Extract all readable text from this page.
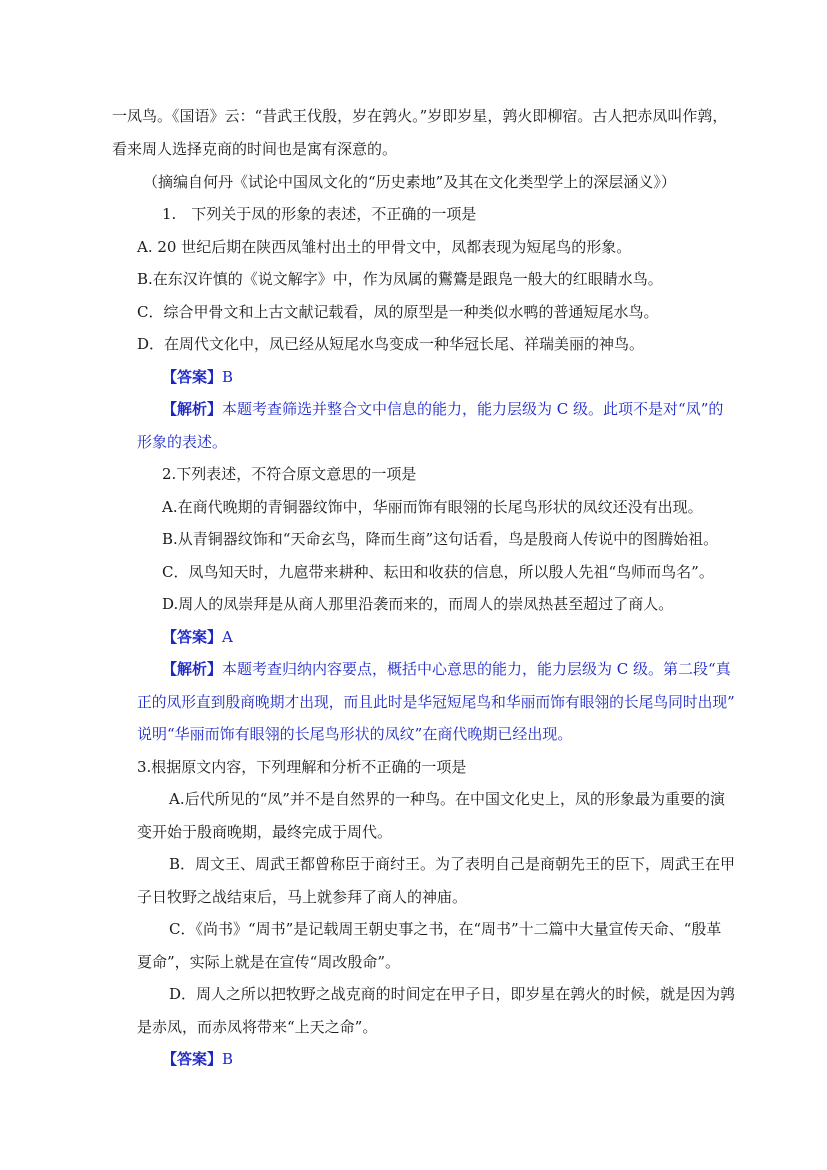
一凤鸟。《国语》云：“昔武王伐殷，岁在鹑火。”岁即岁星，鹑火即柳宿。古人把赤凤叫作鹑，
看来周人选择克商的时间也是寓有深意的。
（摘编自何丹《试论中国凤文化的“历史素地”及其在文化类型学上的深层涵义》）
1.　下列关于凤的形象的表述，不正确的一项是
A. 20 世纪后期在陕西凤雏村出土的甲骨文中，凤都表现为短尾鸟的形象。
B.在东汉许慎的《说文解字》中，作为凤属的鸑鷟是跟凫一般大的红眼睛水鸟。
C．综合甲骨文和上古文献记载看，凤的原型是一种类似水鸭的普通短尾水鸟。
D．在周代文化中，凤已经从短尾水鸟变成一种华冠长尾、祥瑞美丽的神鸟。
【答案】B
【解析】本题考查筛选并整合文中信息的能力，能力层级为 C 级。此项不是对“凤”的
形象的表述。
2.下列表述，不符合原文意思的一项是
A.在商代晚期的青铜器纹饰中，华丽而饰有眼翎的长尾鸟形状的凤纹还没有出现。
B.从青铜器纹饰和“天命玄鸟，降而生商”这句话看，鸟是殷商人传说中的图腾始祖。
C．凤鸟知天时，九扈带来耕种、耘田和收获的信息，所以殷人先祖“鸟师而鸟名”。
D.周人的凤崇拜是从商人那里沿袭而来的，而周人的崇凤热甚至超过了商人。
【答案】A
【解析】本题考查归纳内容要点，概括中心意思的能力，能力层级为 C 级。第二段“真
正的凤形直到殷商晚期才出现，而且此时是华冠短尾鸟和华丽而饰有眼翎的长尾鸟同时出现”
说明“华丽而饰有眼翎的长尾鸟形状的凤纹”在商代晚期已经出现。
3.根据原文内容，下列理解和分析不正确的一项是
A.后代所见的“凤”并不是自然界的一种鸟。在中国文化史上，凤的形象最为重要的演
变开始于殷商晚期，最终完成于周代。
B．周文王、周武王都曾称臣于商纣王。为了表明自己是商朝先王的臣下，周武王在甲
子日牧野之战结束后，马上就参拜了商人的神庙。
C．《尚书》“周书”是记载周王朝史事之书，在“周书”十二篇中大量宣传天命、“殷革
夏命”，实际上就是在宣传“周改殷命”。
D．周人之所以把牧野之战克商的时间定在甲子日，即岁星在鹑火的时候，就是因为鹑
是赤凤，而赤凤将带来“上天之命”。
【答案】B
